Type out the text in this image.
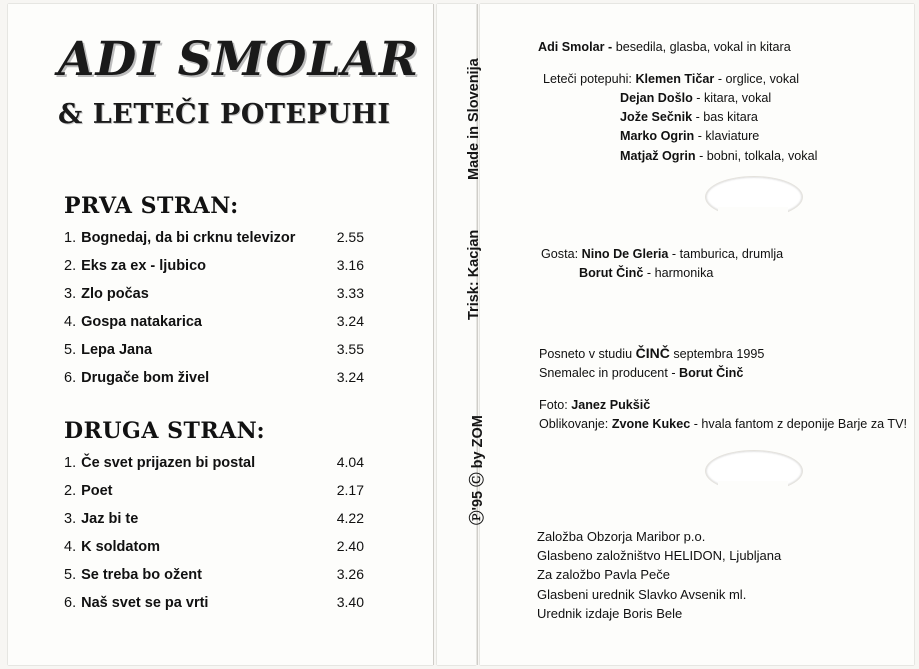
ADI SMOLAR
& LETEČI POTEPUHI
PRVA STRAN:
1. Bognedaj, da bi crknu televizor	2.55
2. Eks za ex - ljubico	3.16
3. Zlo počas	3.33
4. Gospa natakarica	3.24
5. Lepa Jana	3.55
6. Drugače bom živel	3.24
DRUGA STRAN:
1. Če svet prijazen bi postal	4.04
2. Poet	2.17
3. Jaz bi te	4.22
4. K soldatom	2.40
5. Se treba bo ožent	3.26
6. Naš svet se pa vrti	3.40
Made in Slovenija
Trisk: Kacjan
Ⓟ'95 Ⓒ by ZOM
Adi Smolar - besedila, glasba, vokal in kitara
Leteči potepuhi: Klemen Tičar - orglice, vokal
Dejan Došlo - kitara, vokal
Jože Sečnik - bas kitara
Marko Ogrin - klaviature
Matjaž Ogrin - bobni, tolkala, vokal
Gosta: Nino De Gleria - tamburica, drumlja
Borut Činč - harmonika
Posneto v studiu ČINČ septembra 1995
Snemalec in producent - Borut Činč
Foto: Janez Pukšič
Oblikovanje: Zvone Kukec - hvala fantom z deponije Barje za TV!
Založba Obzorja Maribor p.o.
Glasbeno založništvo HELIDON, Ljubljana
Za založbo Pavla Peče
Glasbeni urednik Slavko Avsenik ml.
Urednik izdaje Boris Bele
